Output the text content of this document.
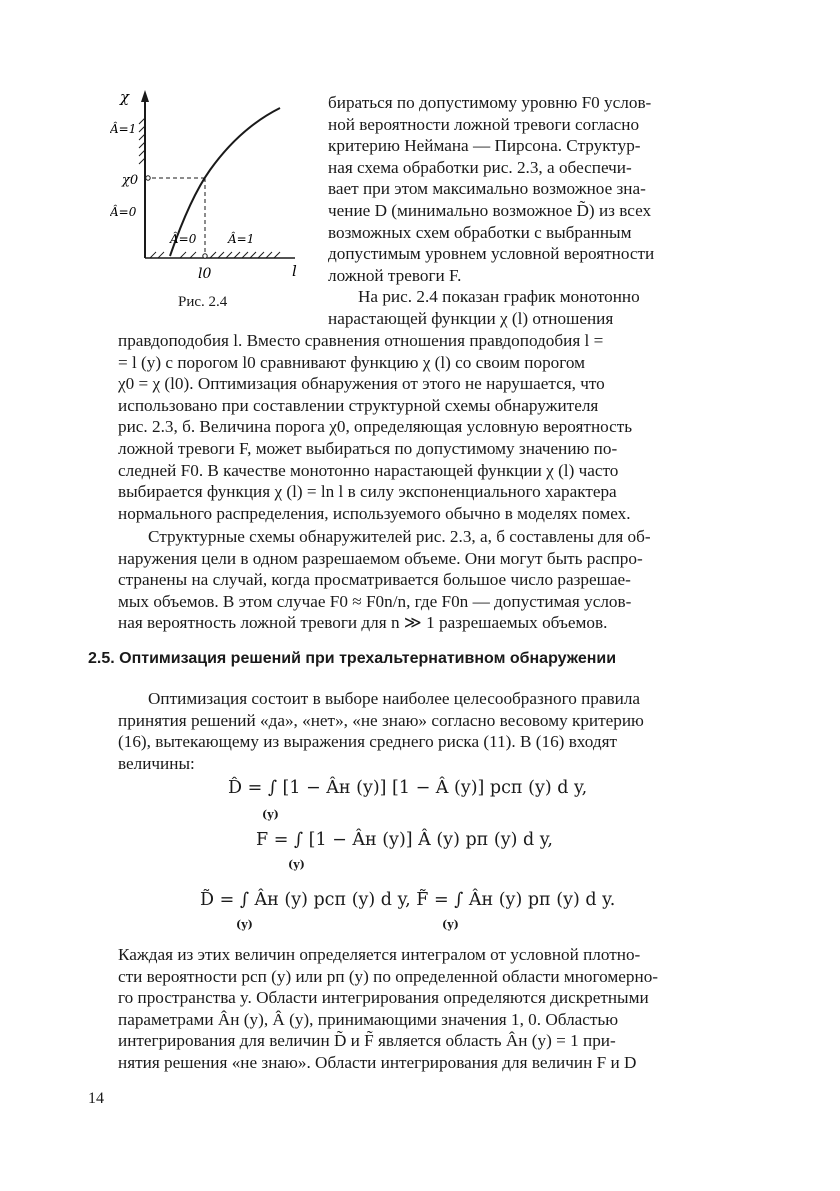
χ
l
Â=1
χ0
Â=0
Â=0	Â=1
l0
Рис. 2.4

бираться по допустимому уровню F0 услов-

ной вероятности ложной тревоги согласно

критерию Неймана — Пирсона. Структур-

ная схема обработки рис. 2.3, а обеспечи-

вает при этом максимально возможное зна-

чение D (минимально возможное D̃) из всех

возможных схем обработки с выбранным

допустимым уровнем условной вероятности

ложной тревоги F.

На рис. 2.4 показан график монотонно

нарастающей функции χ (l) отношения

правдоподобия l. Вместо сравнения отношения правдоподобия l =

= l (y) с порогом l0 сравнивают функцию χ (l) со своим порогом

χ0 = χ (l0). Оптимизация обнаружения от этого не нарушается, что

использовано при составлении структурной схемы обнаружителя

рис. 2.3, б. Величина порога χ0, определяющая условную вероятность

ложной тревоги F, может выбираться по допустимому значению по-

следней F0. В качестве монотонно нарастающей функции χ (l) часто

выбирается функция χ (l) = ln l в силу экспоненциального характера

нормального распределения, используемого обычно в моделях помех.

Структурные схемы обнаружителей рис. 2.3, а, б составлены для об-

наружения цели в одном разрешаемом объеме. Они могут быть распро-

странены на случай, когда просматривается большое число разрешае-

мых объемов. В этом случае F0 ≈ F0n/n, где F0n — допустимая услов-

ная вероятность ложной тревоги для n ≫ 1 разрешаемых объемов.

2.5. Оптимизация решений при трехальтернативном обнаружении

Оптимизация состоит в выборе наиболее целесообразного правила

принятия решений «да», «нет», «не знаю» согласно весовому критерию

(16), вытекающему из выражения среднего риска (11). В (16) входят

величины:

D̂ = ∫ [1 − Âн (y)] [1 − Â (y)] pсп (y) d y,
(y)
F = ∫ [1 − Âн (y)] Â (y) pп (y) d y,
(y)
D̃ = ∫ Âн (y) pсп (y) d y, F̃ = ∫ Âн (y) pп (y) d y.
(y)	(y)

Каждая из этих величин определяется интегралом от условной плотно-

сти вероятности pсп (y) или pп (y) по определенной области многомерно-

го пространства y. Области интегрирования определяются дискретными

параметрами Âн (y), Â (y), принимающими значения 1, 0. Областью

интегрирования для величин D̃ и F̃ является область Âн (y) = 1 при-

нятия решения «не знаю». Области интегрирования для величин F и D

14
